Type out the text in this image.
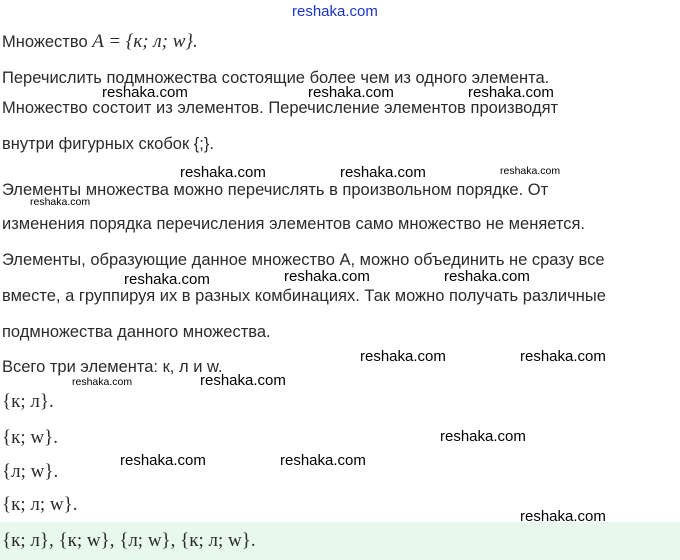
reshaka.com
Множество A = {к; л; w}.
Перечислить подмножества состоящие более чем из одного элемента.
Множество состоит из элементов. Перечисление элементов производят
внутри фигурных скобок {;}.
Элементы множества можно перечислять в произвольном порядке. От
изменения порядка перечисления элементов само множество не меняется.
Элементы, образующие данное множество А, можно объединить не сразу все
вместе, а группируя их в разных комбинациях. Так можно получать различные
подмножества данного множества.
Всего три элемента: к, л и w.
{к; л}.
{к; w}.
{л; w}.
{к; л; w}.
{к; л}, {к; w}, {л; w}, {к; л; w}.
reshaka.com	reshaka.com	reshaka.com
reshaka.com	reshaka.com	reshaka.com
reshaka.com
reshaka.com	reshaka.com	reshaka.com
reshaka.com	reshaka.com
reshaka.com	reshaka.com
reshaka.com
reshaka.com	reshaka.com
reshaka.com
